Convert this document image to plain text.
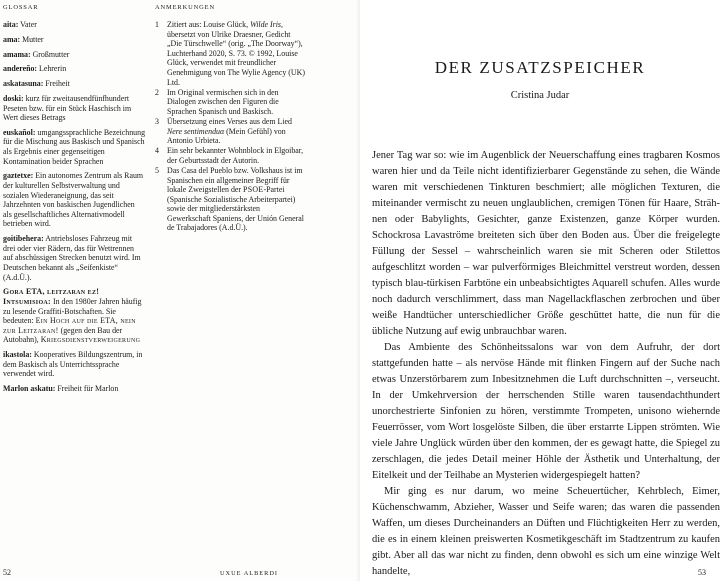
GLOSSAR	ANMERKUNGEN

aita: Vater

ama: Mutter

amama: Großmutter

andereño: Lehrerin

askatasuna: Freiheit

doski: kurz für zweitausendfünfhundert Peseten bzw. für ein Stück Haschisch im Wert dieses Betrags

euskañol: umgangssprachliche Bezeichnung für die Mischung aus Baskisch und Spanisch als Ergebnis einer gegenseitigen Kontamination beider Sprachen

gaztetxe: Ein autonomes Zentrum als Raum der kulturellen Selbstverwaltung und sozialen Wiederaneignung, das seit Jahrzehnten von baskischen Jugendlichen als gesellschaftliches Alternativmodell betrieben wird.

goitibehera: Antriebsloses Fahrzeug mit drei oder vier Rädern, das für Wettrennen auf abschüssigen Strecken benutzt wird. Im Deutschen bekannt als „Seifenkiste“ (A.d.Ü.).

Gora ETA, leitzaran ez!
Intsumisioa: In den 1980er Jahren häufig zu lesende Graffiti-Botschaften. Sie bedeuten: Ein Hoch auf die ETA, nein zur Leitzaran! (gegen den Bau der Autobahn), Kriegsdienstverweigerung

ikastola: Kooperatives Bildungszentrum, in dem Baskisch als Unterrichtssprache verwendet wird.

Marlon askatu: Freiheit für Marlon

1 Zitiert aus: Louise Glück, Wilde Iris, übersetzt von Ulrike Draesner, Gedicht „Die Türschwelle“ (orig. „The Doorway“), Luchterhand 2020, S. 73. © 1992, Louise Glück, verwendet mit freundlicher Genehmigung von The Wylie Agency (UK) Ltd.
2 Im Original vermischen sich in den Dialogen zwischen den Figuren die Sprachen Spanisch und Baskisch.
3 Übersetzung eines Verses aus dem Lied Nere sentimenduα (Mein Gefühl) von Antonio Urbieta.
4 Ein sehr bekannter Wohnblock in Elgoibar, der Geburtsstadt der Autorin.
5 Das Casa del Pueblo bzw. Volkshaus ist im Spanischen ein allgemeiner Begriff für lokale Zweigstellen der PSOE-Partei (Spanische Sozialistische Arbeiterpartei) sowie der mitgliederstärksten Gewerkschaft Spaniens, der Unión General de Trabajadores (A.d.Ü.).
52	UXUE ALBERDI
DER ZUSATZSPEICHER
Cristina Judar

Jener Tag war so: wie im Augenblick der Neuerschaffung eines tragbaren Kosmos waren hier und da Teile nicht identifizierbarer Gegenstände zu sehen, die Wände waren mit verschiedenen Tinkturen beschmiert; alle möglichen Texturen, die miteinander vermischt zu neuen unglaublichen, cremigen Tönen für Haare, Strähnen oder Babylights, Gesichter, ganze Existenzen, ganze Körper wurden. Schockrosa Lavaströme breiteten sich über den Boden aus. Über die freigelegte Füllung der Sessel – wahrscheinlich waren sie mit Scheren oder Stilettos aufgeschlitzt worden – war pulverförmiges Bleichmittel verstreut worden, dessen typisch blau-türkisen Farbtöne ein unbeabsichtigtes Aquarell schufen. Alles wurde noch dadurch verschlimmert, dass man Nagellackflaschen zerbrochen und über weiße Handtücher unterschiedlicher Größe geschüttet hatte, die nun für die übliche Nutzung auf ewig unbrauchbar waren.

Das Ambiente des Schönheitssalons war von dem Aufruhr, der dort stattgefunden hatte – als nervöse Hände mit flinken Fingern auf der Suche nach etwas Unzerstörbarem zum Inbesitznehmen die Luft durchschnitten –, verseucht. In der Umkehrversion der herrschenden Stille waren tausendachthundert unorchestrierte Sinfonien zu hören, verstimmte Trompeten, unisono wiehernde Feuerrösser, vom Wort losgelöste Silben, die über erstarrte Lippen strömten. Wie viele Jahre Unglück würden über den kommen, der es gewagt hatte, die Spiegel zu zerschlagen, die jedes Detail meiner Höhle der Ästhetik und Unterhaltung, der Eitelkeit und der Teilhabe an Mysterien widergespiegelt hatten?

Mir ging es nur darum, wo meine Scheuertücher, Kehrblech, Eimer, Küchenschwamm, Abzieher, Wasser und Seife waren; das waren die passenden Waffen, um dieses Durcheinanders an Düften und Flüchtigkeiten Herr zu werden, die es in einem kleinen preiswerten Kosmetikgeschäft im Stadtzentrum zu kaufen gibt. Aber all das war nicht zu finden, denn obwohl es sich um eine winzige Welt handelte,	53
